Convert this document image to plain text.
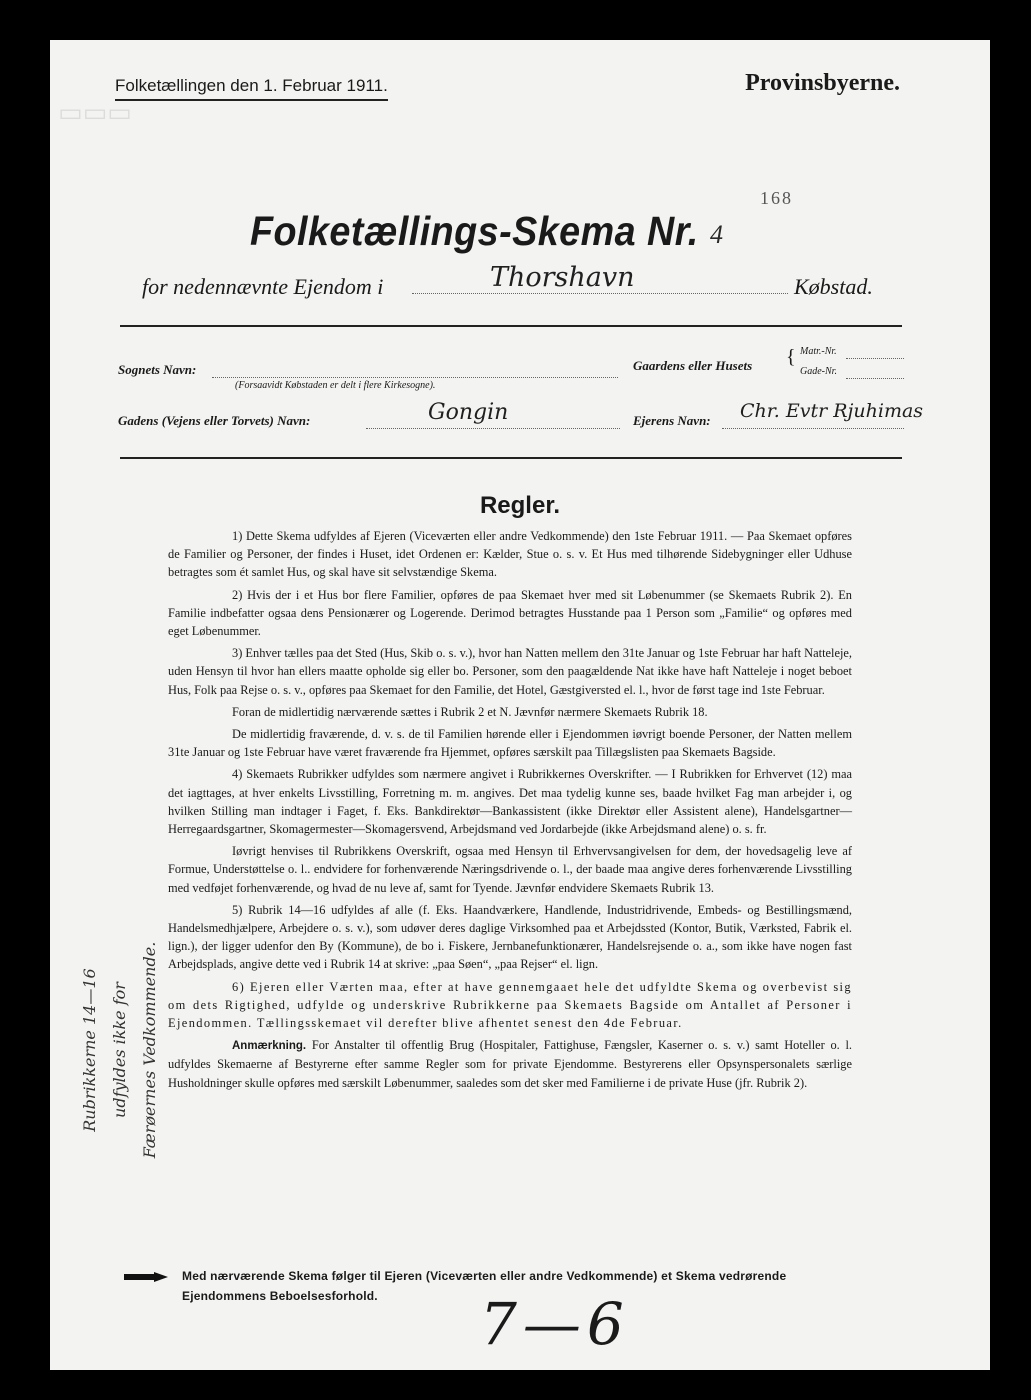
▭▭▭
Folketællingen den 1. Februar 1911.	Provinsbyerne.
168
Folketællings-Skema Nr. 4
for nedennævnte Ejendom i	Thorshavn	Købstad.
Sognets Navn:
(Forsaavidt Købstaden er delt i flere Kirkesogne).
Gaardens eller Husets { Matr.-Nr.
Gade-Nr.
Gadens (Vejens eller Torvets) Navn:	Gongin	Ejerens Navn: Chr. Evtr Rjuhimas
Regler.

1) Dette Skema udfyldes af Ejeren (Viceværten eller andre Vedkommende) den 1ste Februar 1911. — Paa Skemaet opføres de Familier og Personer, der findes i Huset, idet Ordenen er: Kælder, Stue o. s. v. Et Hus med tilhørende Sidebygninger eller Udhuse betragtes som ét samlet Hus, og skal have sit selvstændige Skema.

2) Hvis der i et Hus bor flere Familier, opføres de paa Skemaet hver med sit Løbenummer (se Skemaets Rubrik 2). En Familie indbefatter ogsaa dens Pensionærer og Logerende. Derimod betragtes Husstande paa 1 Person som „Familie“ og opføres med eget Løbenummer.

3) Enhver tælles paa det Sted (Hus, Skib o. s. v.), hvor han Natten mellem den 31te Januar og 1ste Februar har haft Natteleje, uden Hensyn til hvor han ellers maatte opholde sig eller bo. Personer, som den paagældende Nat ikke have haft Natteleje i noget beboet Hus, Folk paa Rejse o. s. v., opføres paa Skemaet for den Familie, det Hotel, Gæstgiversted el. l., hvor de først tage ind 1ste Februar.

Foran de midlertidig nærværende sættes i Rubrik 2 et N. Jævnfør nærmere Skemaets Rubrik 18.

De midlertidig fraværende, d. v. s. de til Familien hørende eller i Ejendommen iøvrigt boende Personer, der Natten mellem 31te Januar og 1ste Februar have været fraværende fra Hjemmet, opføres særskilt paa Tillægslisten paa Skemaets Bagside.

4) Skemaets Rubrikker udfyldes som nærmere angivet i Rubrikkernes Overskrifter. — I Rubrikken for Erhvervet (12) maa det iagttages, at hver enkelts Livsstilling, Forretning m. m. angives. Det maa tydelig kunne ses, baade hvilket Fag man arbejder i, og hvilken Stilling man indtager i Faget, f. Eks. Bankdirektør—Bankassistent (ikke Direktør eller Assistent alene), Handelsgartner—Herregaardsgartner, Skomagermester—Skomagersvend, Arbejdsmand ved Jordarbejde (ikke Arbejdsmand alene) o. s. fr.

Iøvrigt henvises til Rubrikkens Overskrift, ogsaa med Hensyn til Erhvervsangivelsen for dem, der hovedsagelig leve af Formue, Understøttelse o. l.. endvidere for forhenværende Næringsdrivende o. l., der baade maa angive deres forhenværende Livsstilling med vedføjet forhenværende, og hvad de nu leve af, samt for Tyende. Jævnfør endvidere Skemaets Rubrik 13.

5) Rubrik 14—16 udfyldes af alle (f. Eks. Haandværkere, Handlende, Industridrivende, Embeds- og Bestillingsmænd, Handelsmedhjælpere, Arbejdere o. s. v.), som udøver deres daglige Virksomhed paa et Arbejdssted (Kontor, Butik, Værksted, Fabrik el. lign.), der ligger udenfor den By (Kommune), de bo i. Fiskere, Jernbanefunktionærer, Handelsrejsende o. a., som ikke have nogen fast Arbejdsplads, angive dette ved i Rubrik 14 at skrive: „paa Søen“, „paa Rejser“ el. lign.

6) Ejeren eller Værten maa, efter at have gennemgaaet hele det udfyldte Skema og overbevist sig om dets Rigtighed, udfylde og underskrive Rubrikkerne paa Skemaets Bagside om Antallet af Personer i Ejendommen. Tællingsskemaet vil derefter blive afhentet senest den 4de Februar.

Anmærkning. For Anstalter til offentlig Brug (Hospitaler, Fattighuse, Fængsler, Kaserner o. s. v.) samt Hoteller o. l. udfyldes Skemaerne af Bestyrerne efter samme Regler som for private Ejendomme. Bestyrerens eller Opsynspersonalets særlige Husholdninger skulle opføres med særskilt Løbenummer, saaledes som det sker med Familierne i de private Huse (jfr. Rubrik 2).

Rubrikkerne 14—16 udfyldes ikke for Færøernes Vedkommende.
Med nærværende Skema følger til Ejeren (Viceværten eller andre Vedkommende) et Skema vedrørende Ejendommens Beboelsesforhold.	7—6
